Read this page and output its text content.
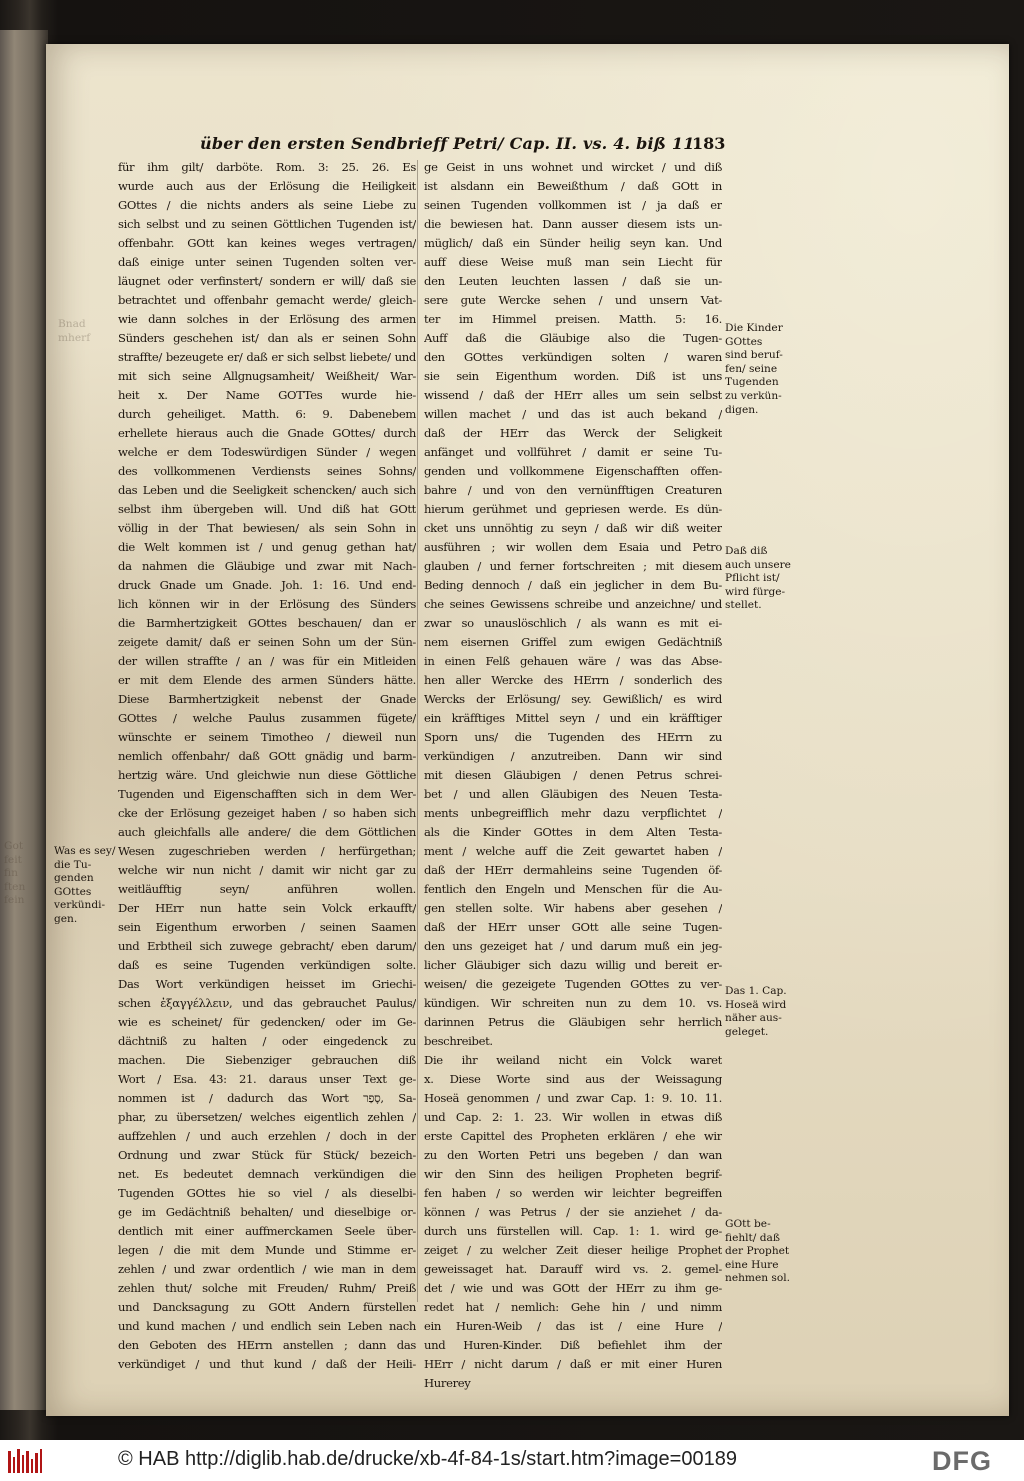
über den ersten Sendbrieff Petri/ Cap. II. vs. 4. biß 11.
183
für ihm gilt/ darböte. Rom. 3: 25. 26. Es
wurde auch aus der Erlösung die Heiligkeit
GOttes / die nichts anders als seine Liebe zu
sich selbst und zu seinen Göttlichen Tugenden ist/
offenbahr. GOtt kan keines weges vertragen/
daß einige unter seinen Tugenden solten ver-
läugnet oder verfinstert/ sondern er will/ daß sie
betrachtet und offenbahr gemacht werde/ gleich-
wie dann solches in der Erlösung des armen
Sünders geschehen ist/ dan als er seinen Sohn
straffte/ bezeugete er/ daß er sich selbst liebete/ und
mit sich seine Allgnugsamheit/ Weißheit/ War-
heit x. Der Name GOTTes wurde hie-
durch geheiliget. Matth. 6: 9. Dabenebem
erhellete hieraus auch die Gnade GOttes/ durch
welche er dem Todeswürdigen Sünder / wegen
des vollkommenen Verdiensts seines Sohns/
das Leben und die Seeligkeit schencken/ auch sich
selbst ihm übergeben will. Und diß hat GOtt
völlig in der That bewiesen/ als sein Sohn in
die Welt kommen ist / und genug gethan hat/
da nahmen die Gläubige und zwar mit Nach-
druck Gnade um Gnade. Joh. 1: 16. Und end-
lich können wir in der Erlösung des Sünders
die Barmhertzigkeit GOttes beschauen/ dan er
zeigete damit/ daß er seinen Sohn um der Sün-
der willen straffte / an / was für ein Mitleiden
er mit dem Elende des armen Sünders hätte.
Diese Barmhertzigkeit nebenst der Gnade
GOttes / welche Paulus zusammen fügete/
wünschte er seinem Timotheo / dieweil nun
nemlich offenbahr/ daß GOtt gnädig und barm-
hertzig wäre. Und gleichwie nun diese Göttliche
Tugenden und Eigenschafften sich in dem Wer-
cke der Erlösung gezeiget haben / so haben sich
auch gleichfalls alle andere/ die dem Göttlichen
Wesen zugeschrieben werden / herfürgethan;
welche wir nun nicht / damit wir nicht gar zu
weitläufftig seyn/ anführen wollen.
Der HErr nun hatte sein Volck erkaufft/
sein Eigenthum erworben / seinen Saamen
und Erbtheil sich zuwege gebracht/ eben darum/
daß es seine Tugenden verkündigen solte.
Das Wort verkündigen heisset im Griechi-
schen ἐξαγγέλλειν, und das gebrauchet Paulus/
wie es scheinet/ für gedencken/ oder im Ge-
dächtniß zu halten / oder eingedenck zu
machen. Die Siebenziger gebrauchen diß
Wort / Esa. 43: 21. daraus unser Text ge-
nommen ist / dadurch das Wort סָפַר, Sa-
phar, zu übersetzen/ welches eigentlich zehlen /
auffzehlen / und auch erzehlen / doch in der
Ordnung und zwar Stück für Stück/ bezeich-
net. Es bedeutet demnach verkündigen die
Tugenden GOttes hie so viel / als dieselbi-
ge im Gedächtniß behalten/ und dieselbige or-
dentlich mit einer auffmerckamen Seele über-
legen / die mit dem Munde und Stimme er-
zehlen / und zwar ordentlich / wie man in dem
zehlen thut/ solche mit Freuden/ Ruhm/ Preiß
und Dancksagung zu GOtt Andern fürstellen
und kund machen / und endlich sein Leben nach
den Geboten des HErrn anstellen ; dann das
verkündiget / und thut kund / daß der Heili-
ge Geist in uns wohnet und wircket / und diß
ist alsdann ein Beweißthum / daß GOtt in
seinen Tugenden vollkommen ist / ja daß er
die bewiesen hat. Dann ausser diesem ists un-
müglich/ daß ein Sünder heilig seyn kan. Und
auff diese Weise muß man sein Liecht für
den Leuten leuchten lassen / daß sie un-
sere gute Wercke sehen / und unsern Vat-
ter im Himmel preisen. Matth. 5: 16.
Auff daß die Gläubige also die Tugen-
den GOttes verkündigen solten / waren
sie sein Eigenthum worden. Diß ist uns
wissend / daß der HErr alles um sein selbst
willen machet / und das ist auch bekand /
daß der HErr das Werck der Seligkeit
anfänget und vollführet / damit er seine Tu-
genden und vollkommene Eigenschafften offen-
bahre / und von den vernünfftigen Creaturen
hierum gerühmet und gepriesen werde. Es dün-
cket uns unnöhtig zu seyn / daß wir diß weiter
ausführen ; wir wollen dem Esaia und Petro
glauben / und ferner fortschreiten ; mit diesem
Beding dennoch / daß ein jeglicher in dem Bu-
che seines Gewissens schreibe und anzeichne/ und
zwar so unauslöschlich / als wann es mit ei-
nem eisernen Griffel zum ewigen Gedächtniß
in einen Felß gehauen wäre / was das Abse-
hen aller Wercke des HErrn / sonderlich des
Wercks der Erlösung/ sey. Gewißlich/ es wird
ein kräfftiges Mittel seyn / und ein kräfftiger
Sporn uns/ die Tugenden des HErrn zu
verkündigen / anzutreiben. Dann wir sind
mit diesen Gläubigen / denen Petrus schrei-
bet / und allen Gläubigen des Neuen Testa-
ments unbegreifflich mehr dazu verpflichtet /
als die Kinder GOttes in dem Alten Testa-
ment / welche auff die Zeit gewartet haben /
daß der HErr dermahleins seine Tugenden öf-
fentlich den Engeln und Menschen für die Au-
gen stellen solte. Wir habens aber gesehen /
daß der HErr unser GOtt alle seine Tugen-
den uns gezeiget hat / und darum muß ein jeg-
licher Gläubiger sich dazu willig und bereit er-
weisen/ die gezeigete Tugenden GOttes zu ver-
kündigen. Wir schreiten nun zu dem 10. vs.
darinnen Petrus die Gläubigen sehr herrlich
beschreibet.
Die ihr weiland nicht ein Volck waret
x. Diese Worte sind aus der Weissagung
Hoseä genommen / und zwar Cap. 1: 9. 10. 11.
und Cap. 2: 1. 23. Wir wollen in etwas diß
erste Capittel des Propheten erklären / ehe wir
zu den Worten Petri uns begeben / dan wan
wir den Sinn des heiligen Propheten begrif-
fen haben / so werden wir leichter begreiffen
können / was Petrus / der sie anziehet / da-
durch uns fürstellen will. Cap. 1: 1. wird ge-
zeiget / zu welcher Zeit dieser heilige Prophet
geweissaget hat. Darauff wird vs. 2. gemel-
det / wie und was GOtt der HErr zu ihm ge-
redet hat / nemlich: Gehe hin / und nimm
ein Huren-Weib / das ist / eine Hure /
und Huren-Kinder. Diß befiehlet ihm der
HErr / nicht darum / daß er mit einer Huren
Hurerey
Bnad
mherf
Got
feit
fin
ften
fein
Die Kinder
GOttes
sind beruf-
fen/ seine
Tugenden
zu verkün-
digen.
Daß diß
auch unsere
Pflicht ist/
wird fürge-
stellet.
Das 1. Cap.
Hoseä wird
näher aus-
geleget.
GOtt be-
fiehlt/ daß
der Prophet
eine Hure
nehmen sol.
Was es sey/
die Tu-
genden
GOttes
verkündi-
gen.
© HAB http://diglib.hab.de/drucke/xb-4f-84-1s/start.htm?image=00189	DFG
